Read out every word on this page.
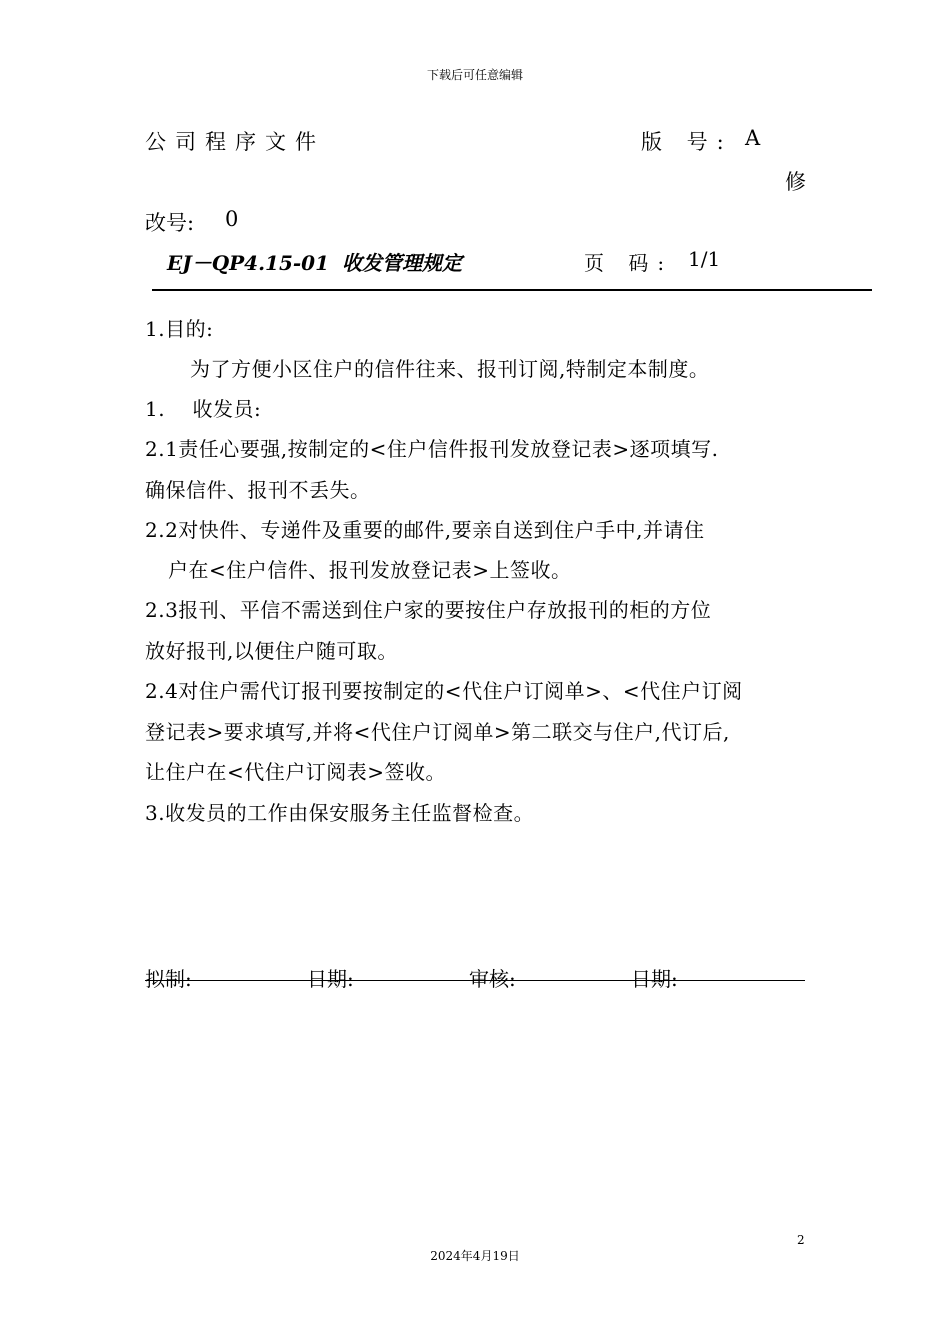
下载后可任意编辑
公司程序文件	版 号: A
修
改号: 0
EJ－QP4.15-01 收发管理规定	页 码: 1/1
1.目的:
为了方便小区住户的信件往来、报刊订阅,特制定本制度。
1.　 收发员:
2.1责任心要强,按制定的<住户信件报刊发放登记表>逐项填写.
确保信件、报刊不丢失。
2.2对快件、专递件及重要的邮件,要亲自送到住户手中,并请住
户在<住户信件、报刊发放登记表>上签收。
2.3报刊、平信不需送到住户家的要按住户存放报刊的柜的方位
放好报刊,以便住户随可取。
2.4对住户需代订报刊要按制定的<代住户订阅单>、<代住户订阅
登记表>要求填写,并将<代住户订阅单>第二联交与住户,代订后,
让住户在<代住户订阅表>签收。
3.收发员的工作由保安服务主任监督检查。
拟制:	日期:	审核:	日期:
2
2024年4月19日
